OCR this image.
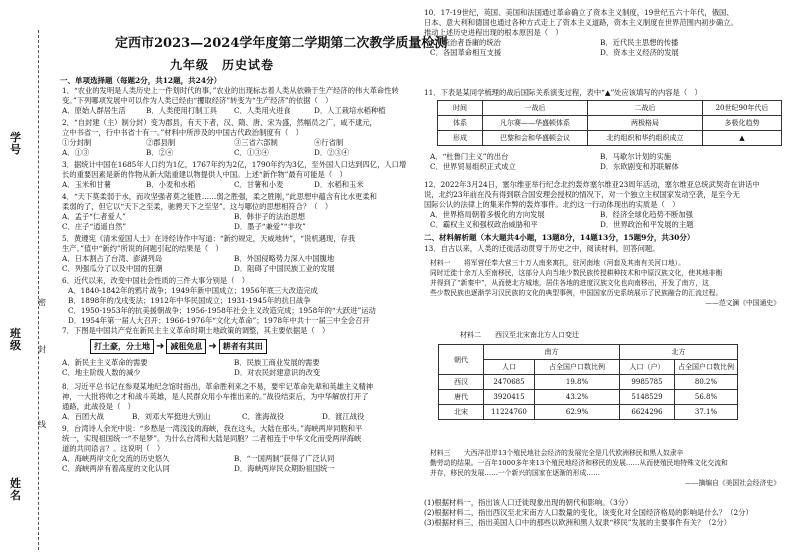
学号
班级
姓名
密
封
线
定西市2023—2024学年度第二学期第二次教学质量检测
九年级　历史试卷
一、单项选择题（每题2分，共12题，共24分）
1．“农业的发明是人类历史上一件划时代的事，”农业的出现标志着人类从依赖于生产经济的伟大革命性转
变。”下列哪项发展中可以作为人类已经由“攫取经济”转变为“生产经济”的依据（　）
A．原始人群居生活	B．人类使用打制工具 C．人类用火进食	D．人工栽培水稻种植
2．“自封建（主）制分封）变为郡县，有天下者，汉、隋、唐、宋为盛，然幅员之广，咸不逮元，
立中书省一，行中书省十有一。”材料中所涉及的中国古代政治制度有（　）
①分封制	②郡县制	③三省六部制	④行省制
A．①③	B．②④	C．①③④	D．②③④
3．据统计中国在1685年人口约为1亿，1767年约为2亿，1790年约为3亿，至外国人口达到四亿，人口增
长的重要因素是新的作物从新大陆重建以物提供人中国。上述“新作物”最有可能是（　）
A．玉米和甘薯	B．小麦和水稻	C．甘薯和小麦	D．水稻和玉米
4．“天下莫柔弱于水，而攻坚强者莫之能胜……弱之胜强，柔之胜刚，”此思想中蕴含有比水更柔和
柔弱的了，但它以“天下之至柔，驰骋天下之至坚”。这与哪位的思想相符合？（　）
A．孟子“仁者爱人”	B．韩非子的法治思想
C．庄子“逍遥自然”	D．墨子“兼爱”“非攻”
5．黄遵宪《清末爱国人士》在诗经诗作中写道：“新约规定，天威地转”，“说机遇现，存我
生产。”值中“新约”所说的问题引起的结果是（　）
A．日本割占了台湾、澎湖列岛	B．外国侵略势力深入中国腹地
C．列强瓜分了以及中国的狂潮	D．阻碍了中国民族工业的发展
6．近代以来，改变中国社会性质的三件大事分别是（　）
A．1840-1842年的鸦片战争；1949年新中国成立；1956年底三大改造完成
B．1898年的戊戌变法；1912年中华民国成立；1931-1945年的抗日战争
C．1950-1953年的抗美援朝战争；1956-1958年社会主义改造完成；1958年的“大跃进”运动
D．1954年第一届人大召开；1966-1976年“文化大革命”；1978年中共十一届三中全会召开
7．下图是中国共产党在新民主主义革命时期土地政策的调整，其主要依据是（　）
打土豪，分土地 ➜ 减租免息 ➜ 耕者有其田
A．新民主主义革命的需要	B．民族工商业发展的需要
C．地主阶级人数的减少	D．对农民封建意识的改变
8．习近平总书记在参观某地纪念馆时指出，革命胜利来之不易，要牢记革命先辈和英雄主义精神
神，一大批将帅之才和战斗英雄，是人民群众用小车推出来的。”战役结束后，为中华解放打开了
通路，此战役是（　）
A．百团大战	B．刘邓大军挺进大别山	C．淮海战役	D．渡江战役
9．台湾诗人余光中说：“乡愁是一湾浅浅的海峡，我在这头，大陆在那头。”海峡两岸同胞和平
统一，实现祖国统一“不是梦”。为什么台湾和大陆是同胞？二者相连于中华文化而受两岸海峡
道的共同语言？。这说明（　）
A．海峡两岸文化交流的历史悠久	B．“一国两制”获得了广泛认同
C．海峡两岸有着高度的文化认同	D．海峡两岸民众期盼祖国统一
10．17-19世纪，英国、美国和法国通过革命确立了资本主义制度，19世纪五六十年代，俄国、
日本、意大利和德国也通过各种方式走上了资本主义道路，资本主义制度在世界范围内初步确立。
推动上述历史进程出现的根本原因是（　）
A．统治者昏庸的统治	B．近代民主思想的传播
C．各国革命相互支援	D．资本主义经济的发展
11．下表是某同学梳理的战后国际关系演变过程，表中“▲”处应该填写的内容是（　）
时间	一战后	二战后	20世纪90年代后
体系	凡尔赛——华盛顿体系	两极格局	多极化趋势
形成	巴黎和会和华盛顿会议	北约组织和华约组织成立	▲
A．“杜鲁门主义”的出台	B．马歇尔计划的实施
C．世界贸易组织正式成立	D．东欧剧变和苏联解体
12．2022年3月24日，塞尔维亚举行纪念北约轰炸塞尔维亚23周年活动，塞尔维亚总统武契奇在讲话中
说，北约23年前在没有得到联合国安理会授权的情况下，对一个独立主权国家发动空袭，是至今无
国际公认的法律上的集来作弊的轰炸事件。北约这一行动体现出的实质是（　）
A．世界格局朝着多极化的方向发展	B．经济全球化趋势不断加强
C．霸权主义和强权政治威胁和平	D．世界政治和平发展的主题
二、材料解析题（本大题共4小题，13题8分，14题13分，15题9分，共30分）
13．自古以来，人类的迁徙活动贯穿于历史之中，阅读材料，回答问题。
材料一　　将军营任奉大营三十万人南来寓扎，驻河南地（河套及其南有关河口地）。
同时迁徙十余万人至南移民，这部分人向当地少数民族传授耕种技术和中原汉族文化，使其地非衡
并得到了“新秦中”，从而使北方城地，居住各地的进度汉族文化也向南移出，开发了南方，这
些少数民族也逐渐学习汉民族的文化的典型事例，中国国家历史系统展示了民族融合的汇流过程。
——范文澜《中国通史》
材料二　　西汉至北宋南北方人口变迁
朝代	南方		北方	
	人口	占全国户口数比例	人口（户）	占全国户口数比例
西汉	2470685	19.8%	9985785	80.2%
唐代	3920415	43.2%	5148529	56.8%
北宋	11224760	62.9%	6624296	37.1%
材料三　　大西洋沿岸13个殖民地社会经济的发展完全是几代欧洲移民和黑人奴隶辛
勤劳动的结果。一百年1000多年来13个殖民地经济和移民的发展……从而使殖民地特殊文化交流和
并存，移民的发展……一个新兴的国家在逐渐的形成……
——摘编自《美国社会经济史》
(1)根据材料一，指出该人口迁徙现象出现的朝代和影响。（3分）
(2)根据材料二，指出西汉至北宋南方人口数量的变化，该变化对全国经济格局的影响是什么？（2分）
(3)根据材料三，指出美国人口中的那些以欧洲和黑人奴隶“移民”发展的主要事件有关？（2分）
